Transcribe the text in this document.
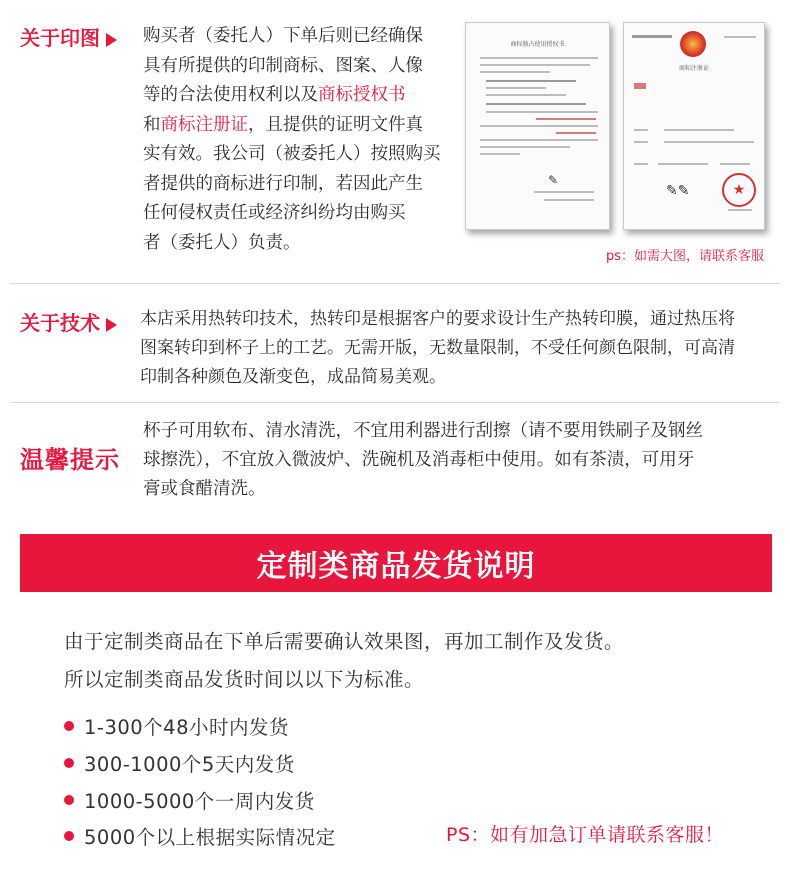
关于印图	购买者（委托人）下单后则已经确保
具有所提供的印制商标、图案、人像
等的合法使用权利以及商标授权书
和商标注册证，且提供的证明文件真
实有效。我公司（被委托人）按照购买
者提供的商标进行印制，若因此产生
任何侵权责任或经济纠纷均由购买
者（委托人）负责。
商标独占使用授权书
✎
商标注册证
★
✎✎
ps：如需大图，请联系客服
关于技术	本店采用热转印技术，热转印是根据客户的要求设计生产热转印膜，通过热压将
图案转印到杯子上的工艺。无需开版，无数量限制，不受任何颜色限制，可高清
印制各种颜色及渐变色，成品简易美观。
温馨提示
杯子可用软布、清水清洗，不宜用利器进行刮擦（请不要用铁刷子及钢丝
球擦洗），不宜放入微波炉、洗碗机及消毒柜中使用。如有茶渍，可用牙
膏或食醋清洗。
定制类商品发货说明
由于定制类商品在下单后需要确认效果图，再加工制作及发货。
所以定制类商品发货时间以以下为标准。
1-300个48小时内发货
300-1000个5天内发货
1000-5000个一周内发货
5000个以上根据实际情况定	PS：如有加急订单请联系客服！
